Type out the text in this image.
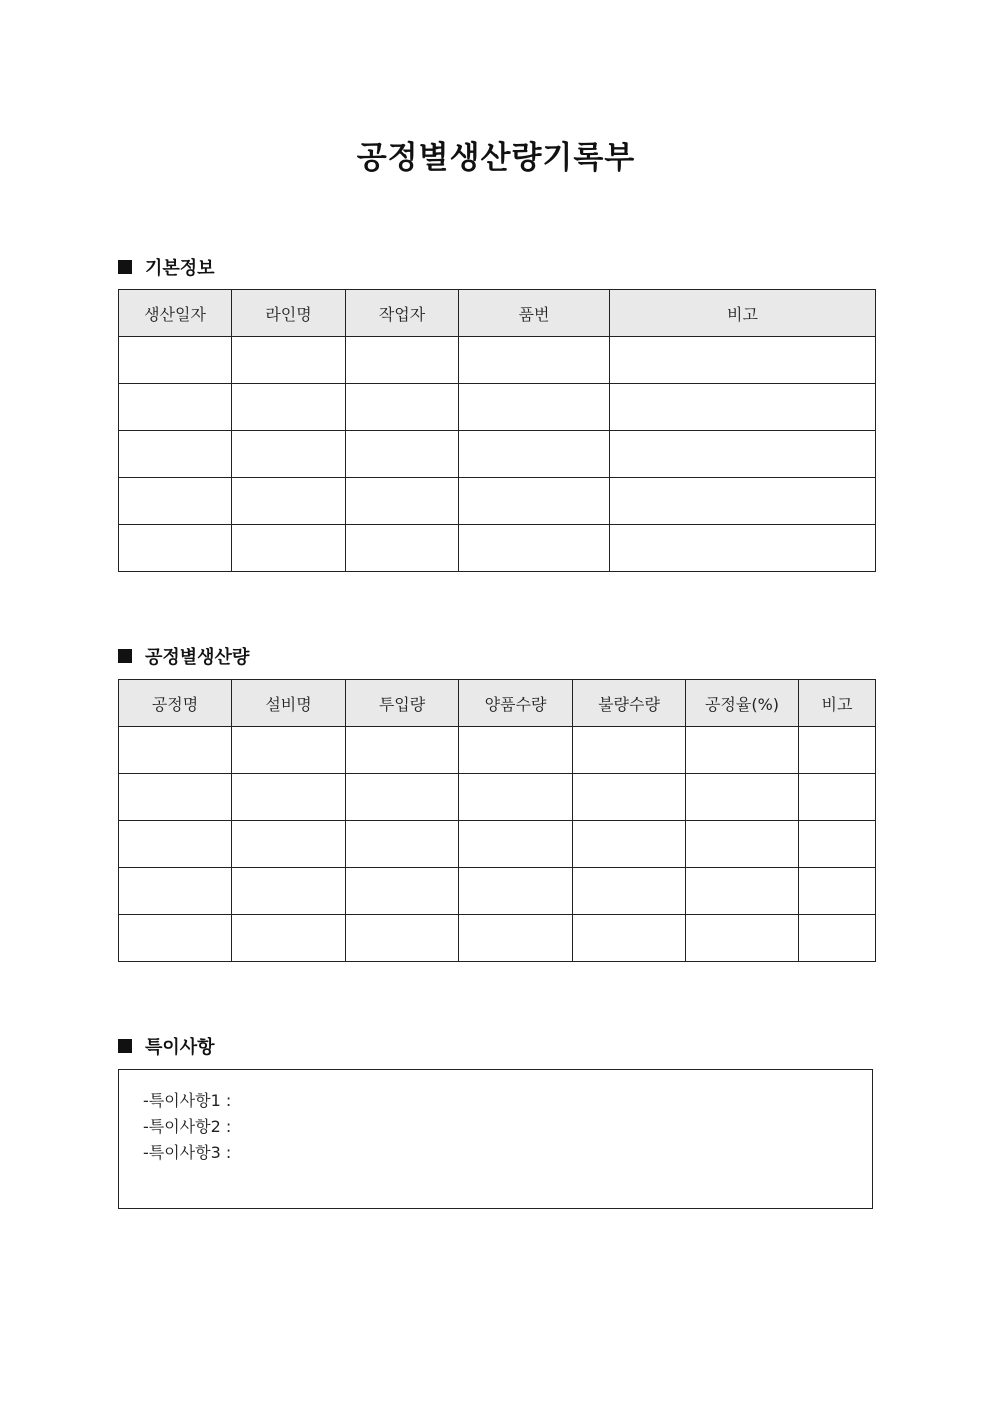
공정별생산량기록부
기본정보
생산일자	라인명	작업자	품번	비고

공정별생산량
공정명	설비명	투입량	양품수량	불량수량	공정율(%)	비고

특이사항
-특이사항1 :
-특이사항2 :
-특이사항3 :
